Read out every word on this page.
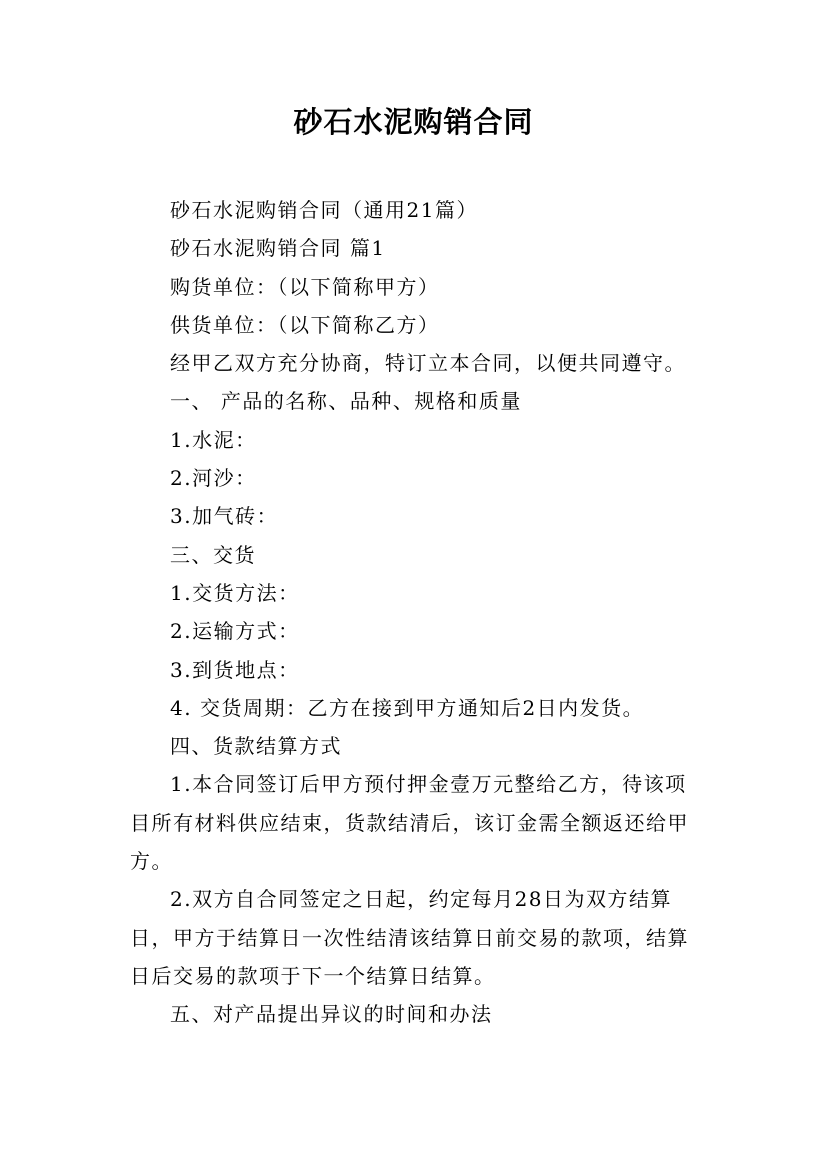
砂石水泥购销合同

砂石水泥购销合同（通用21篇）

砂石水泥购销合同 篇1

购货单位：（以下简称甲方）

供货单位：（以下简称乙方）

经甲乙双方充分协商，特订立本合同，以便共同遵守。

一、 产品的名称、品种、规格和质量

1.水泥：

2.河沙：

3.加气砖：

三、交货

1.交货方法：

2.运输方式：

3.到货地点：

4. 交货周期：乙方在接到甲方通知后2日内发货。

四、货款结算方式

1.本合同签订后甲方预付押金壹万元整给乙方，待该项
目所有材料供应结束，货款结清后，该订金需全额返还给甲
方。

2.双方自合同签定之日起，约定每月28日为双方结算
日，甲方于结算日一次性结清该结算日前交易的款项，结算
日后交易的款项于下一个结算日结算。

五、对产品提出异议的时间和办法
